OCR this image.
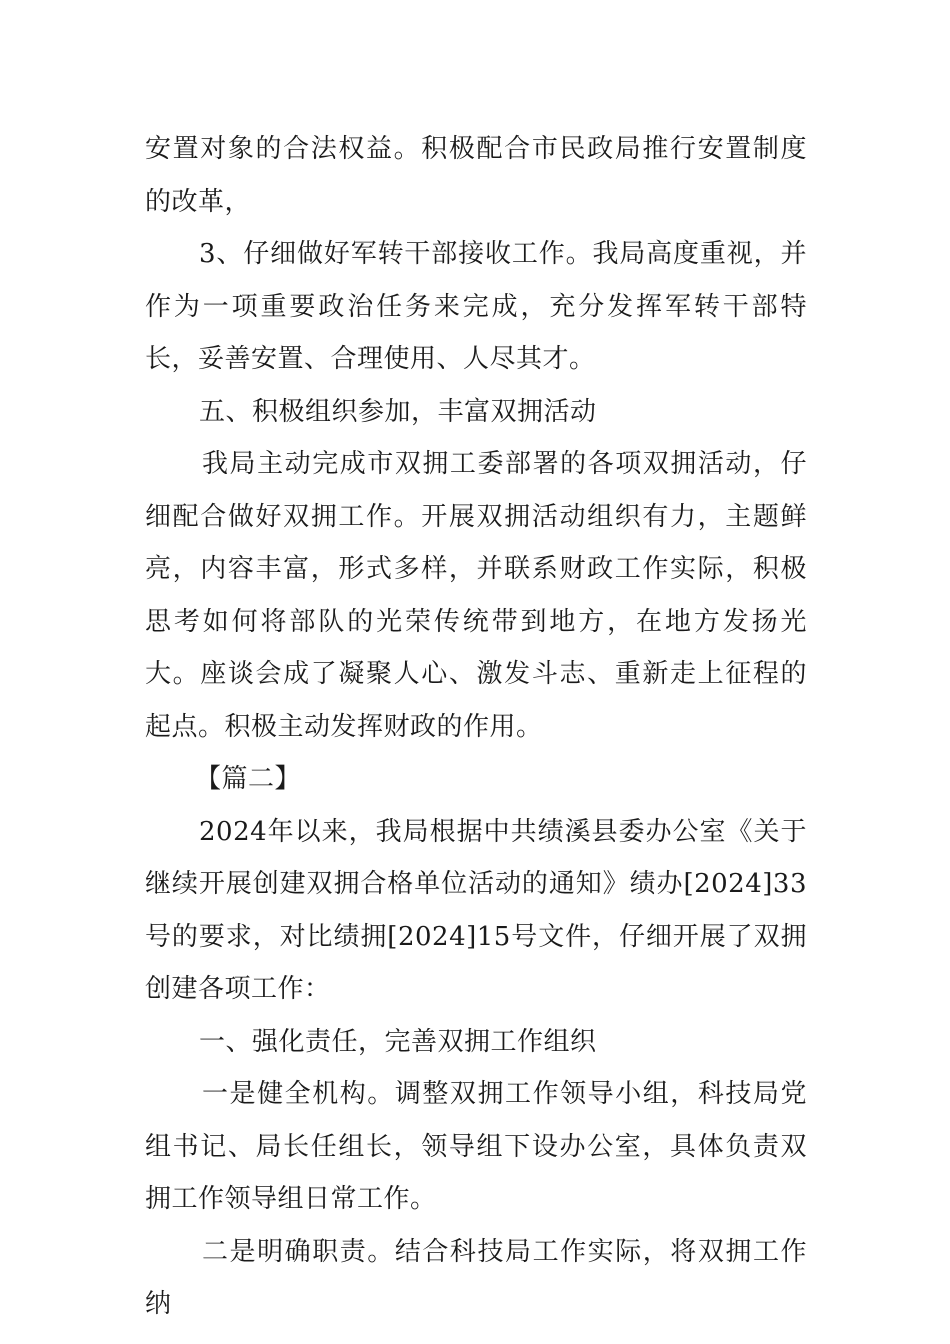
安置对象的合法权益。积极配合市民政局推行安置制度的改革，

3、仔细做好军转干部接收工作。我局高度重视，并作为一项重要政治任务来完成，充分发挥军转干部特长，妥善安置、合理使用、人尽其才。

五、积极组织参加，丰富双拥活动

我局主动完成市双拥工委部署的各项双拥活动，仔细配合做好双拥工作。开展双拥活动组织有力，主题鲜亮，内容丰富，形式多样，并联系财政工作实际，积极思考如何将部队的光荣传统带到地方，在地方发扬光大。座谈会成了凝聚人心、激发斗志、重新走上征程的起点。积极主动发挥财政的作用。

【篇二】

2024年以来，我局根据中共绩溪县委办公室《关于继续开展创建双拥合格单位活动的通知》绩办[2024]33号的要求，对比绩拥[2024]15号文件，仔细开展了双拥创建各项工作：

一、强化责任，完善双拥工作组织

一是健全机构。调整双拥工作领导小组，科技局党组书记、局长任组长，领导组下设办公室，具体负责双拥工作领导组日常工作。

二是明确职责。结合科技局工作实际，将双拥工作纳
